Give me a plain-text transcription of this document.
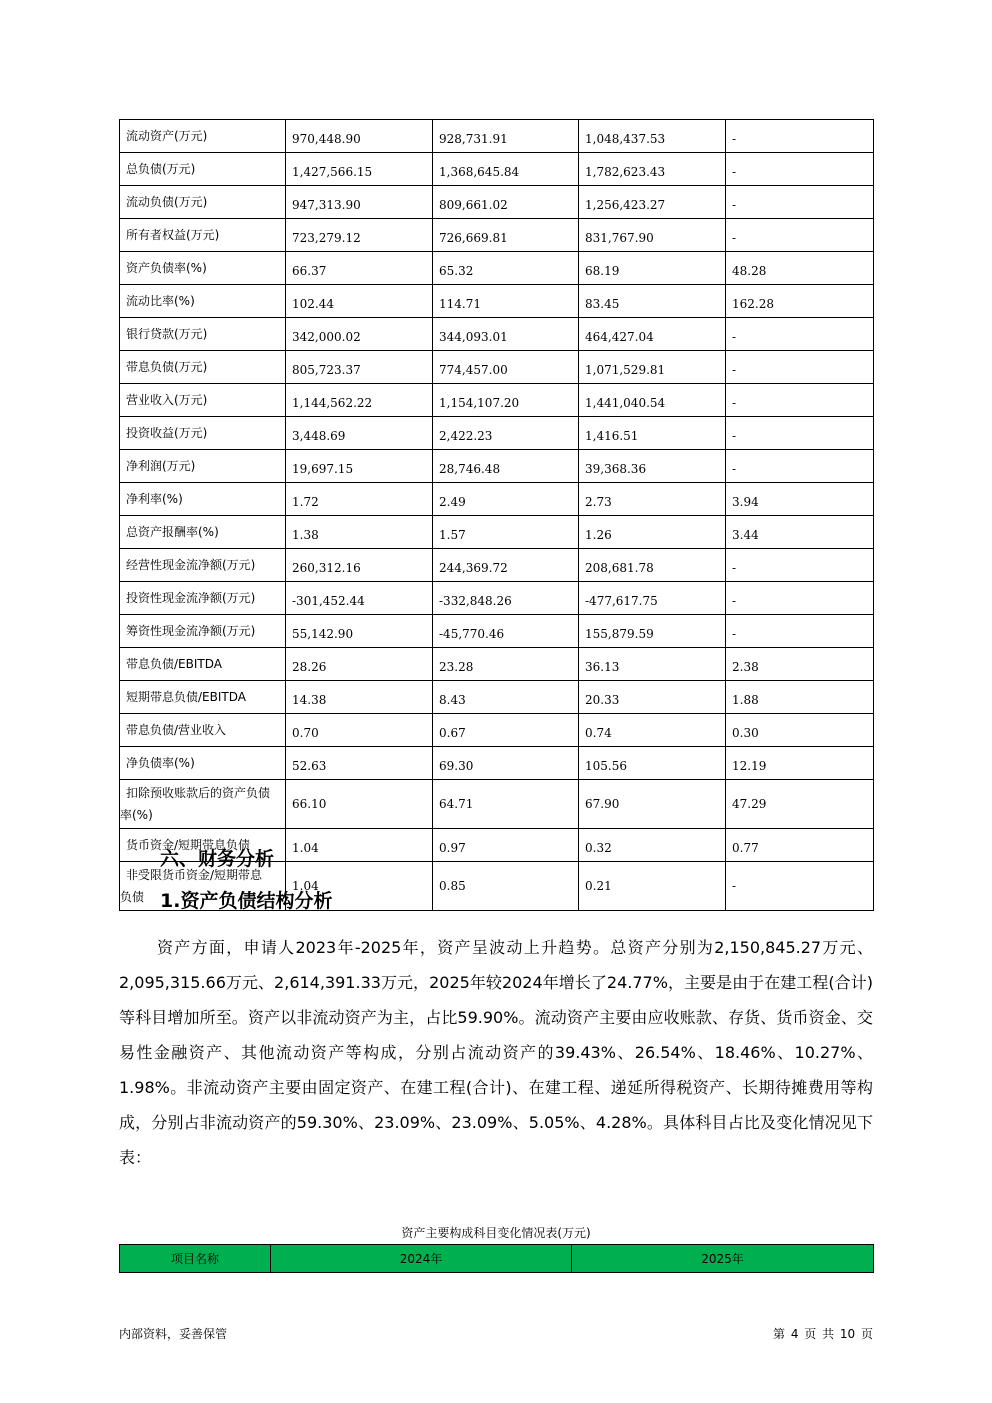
流动资产(万元)	970,448.90	928,731.91	1,048,437.53	-
总负债(万元)	1,427,566.15	1,368,645.84	1,782,623.43	-
流动负债(万元)	947,313.90	809,661.02	1,256,423.27	-
所有者权益(万元)	723,279.12	726,669.81	831,767.90	-
资产负债率(%)	66.37	65.32	68.19	48.28
流动比率(%)	102.44	114.71	83.45	162.28
银行贷款(万元)	342,000.02	344,093.01	464,427.04	-
带息负债(万元)	805,723.37	774,457.00	1,071,529.81	-
营业收入(万元)	1,144,562.22	1,154,107.20	1,441,040.54	-
投资收益(万元)	3,448.69	2,422.23	1,416.51	-
净利润(万元)	19,697.15	28,746.48	39,368.36	-
净利率(%)	1.72	2.49	2.73	3.94
总资产报酬率(%)	1.38	1.57	1.26	3.44
经营性现金流净额(万元)	260,312.16	244,369.72	208,681.78	-
投资性现金流净额(万元)	-301,452.44	-332,848.26	-477,617.75	-
筹资性现金流净额(万元)	55,142.90	-45,770.46	155,879.59	-
带息负债/EBITDA	28.26	23.28	36.13	2.38
短期带息负债/EBITDA	14.38	8.43	20.33	1.88
带息负债/营业收入	0.70	0.67	0.74	0.30
净负债率(%)	52.63	69.30	105.56	12.19

扣除预收账款后的资产负债
率(%)	66.10	64.71	67.90	47.29
货币资金/短期带息负债	1.04	0.97	0.32	0.77

非受限货币资金/短期带息
负债	1.04	0.85	0.21	-
六、财务分析
1.资产负债结构分析

资产方面，申请人2023年-2025年，资产呈波动上升趋势。总资产分别为2,150,845.27万元、2,095,315.66万元、2,614,391.33万元，2025年较2024年增长了24.77%，主要是由于在建工程(合计)等科目增加所至。资产以非流动资产为主，占比59.90%。流动资产主要由应收账款、存货、货币资金、交易性金融资产、其他流动资产等构成，分别占流动资产的39.43%、26.54%、18.46%、10.27%、1.98%。非流动资产主要由固定资产、在建工程(合计)、在建工程、递延所得税资产、长期待摊费用等构成，分别占非流动资产的59.30%、23.09%、23.09%、5.05%、4.28%。具体科目占比及变化情况见下表：

资产主要构成科目变化情况表(万元)
项目名称	2024年	2025年
内部资料，妥善保管	第 4 页 共 10 页
